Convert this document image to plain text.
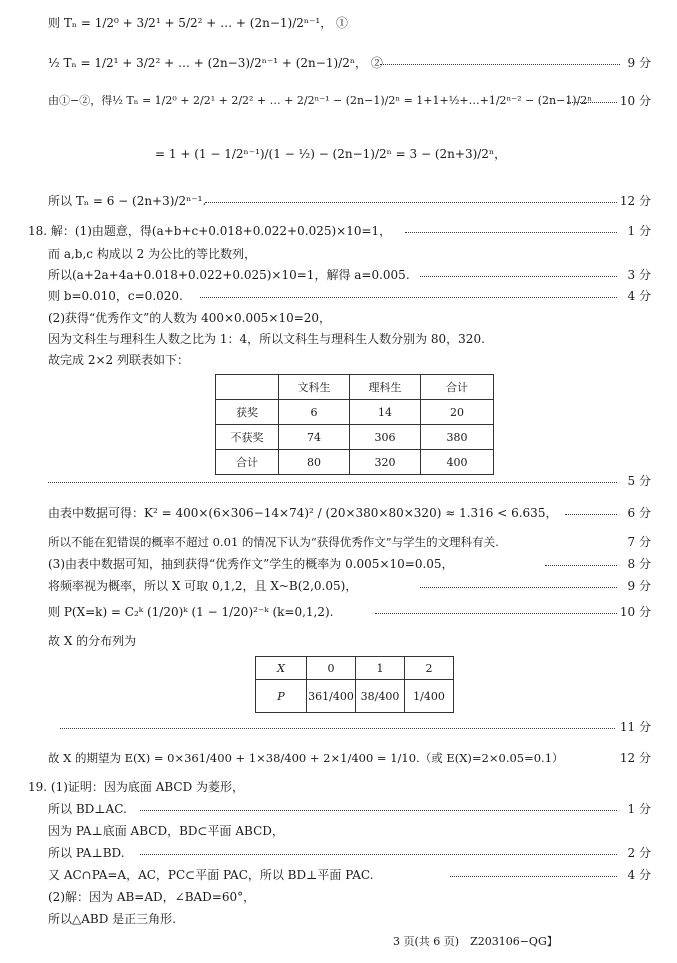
则 Tₙ = 1/2⁰ + 3/2¹ + 5/2² + … + (2n−1)/2ⁿ⁻¹， ①
½ Tₙ = 1/2¹ + 3/2² + … + (2n−3)/2ⁿ⁻¹ + (2n−1)/2ⁿ， ②	9 分
由①−②，得½ Tₙ = 1/2⁰ + 2/2¹ + 2/2² + … + 2/2ⁿ⁻¹ − (2n−1)/2ⁿ = 1+1+½+…+1/2ⁿ⁻² − (2n−1)/2ⁿ 10 分
= 1 + (1 − 1/2ⁿ⁻¹)/(1 − ½) − (2n−1)/2ⁿ = 3 − (2n+3)/2ⁿ，
所以 Tₙ = 6 − (2n+3)/2ⁿ⁻¹.	12 分
18. 解：(1)由题意，得(a+b+c+0.018+0.022+0.025)×10=1，	1 分
而 a,b,c 构成以 2 为公比的等比数列，
所以(a+2a+4a+0.018+0.022+0.025)×10=1，解得 a=0.005.	3 分
则 b=0.010，c=0.020.	4 分
(2)获得“优秀作文”的人数为 400×0.005×10=20，
因为文科生与理科生人数之比为 1：4，所以文科生与理科生人数分别为 80，320.
故完成 2×2 列联表如下：
	文科生	理科生	合计
获奖	6	14	20
不获奖	74	306	380
合计	80	320	400
5 分
由表中数据可得：K² = 400×(6×306−14×74)² / (20×380×80×320) ≈ 1.316 < 6.635，	6 分
所以不能在犯错误的概率不超过 0.01 的情况下认为“获得优秀作文”与学生的文理科有关.	7 分
(3)由表中数据可知，抽到获得“优秀作文”学生的概率为 0.005×10=0.05，	8 分
将频率视为概率，所以 X 可取 0,1,2，且 X~B(2,0.05)，	9 分
则 P(X=k) = C₂ᵏ (1/20)ᵏ (1 − 1/20)²⁻ᵏ (k=0,1,2).	10 分
故 X 的分布列为
X	0	1	2
P	361/400	38/400	1/400
11 分
故 X 的期望为 E(X) = 0×361/400 + 1×38/400 + 2×1/400 = 1/10.（或 E(X)=2×0.05=0.1）	12 分
19. (1)证明：因为底面 ABCD 为菱形，
所以 BD⊥AC.	1 分
因为 PA⊥底面 ABCD，BD⊂平面 ABCD，
所以 PA⊥BD.	2 分
又 AC∩PA=A，AC，PC⊂平面 PAC，所以 BD⊥平面 PAC.	4 分
(2)解：因为 AB=AD，∠BAD=60°，
所以△ABD 是正三角形.
3 页(共 6 页)　Z203106−QG】
